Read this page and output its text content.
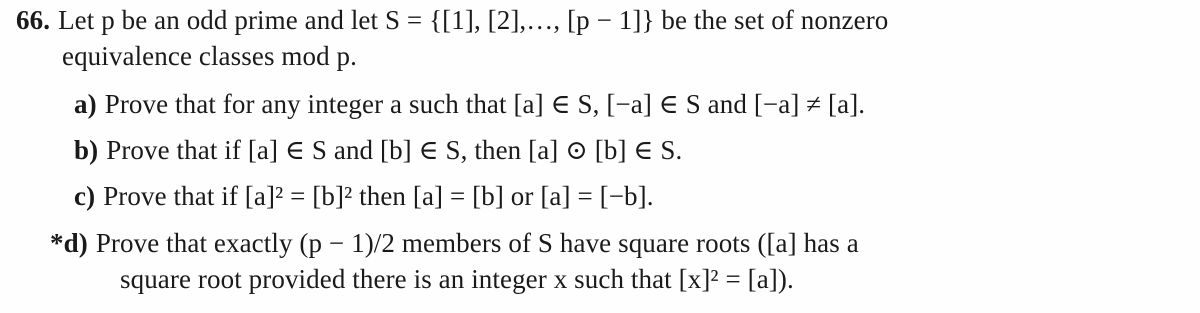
66. Let p be an odd prime and let S = {[1], [2],…, [p − 1]} be the set of nonzero
equivalence classes mod p.
a) Prove that for any integer a such that [a] ∈ S, [−a] ∈ S and [−a] ≠ [a].
b) Prove that if [a] ∈ S and [b] ∈ S, then [a] ⊙ [b] ∈ S.
c) Prove that if [a]² = [b]² then [a] = [b] or [a] = [−b].
*d) Prove that exactly (p − 1)/2 members of S have square roots ([a] has a
square root provided there is an integer x such that [x]² = [a]).
